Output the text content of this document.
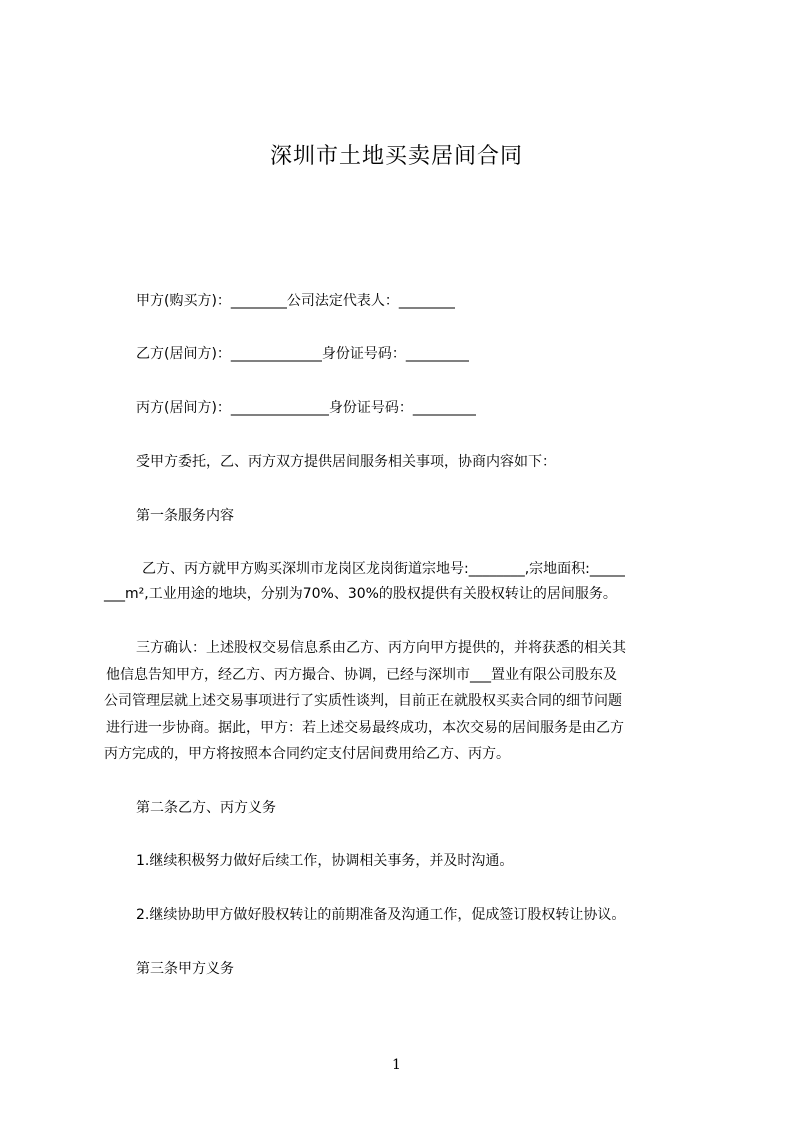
深圳市土地买卖居间合同
甲方(购买方)：________公司法定代表人：________
乙方(居间方)：_____________身份证号码：_________
丙方(居间方)：______________身份证号码：_________
受甲方委托，乙、丙方双方提供居间服务相关事项，协商内容如下：
第一条服务内容
乙方、丙方就甲方购买深圳市龙岗区龙岗街道宗地号:________,宗地面积:_____
___m²,工业用途的地块，分别为70%、30%的股权提供有关股权转让的居间服务。
三方确认：上述股权交易信息系由乙方、丙方向甲方提供的，并将获悉的相关其
他信息告知甲方，经乙方、丙方撮合、协调，已经与深圳市___置业有限公司股东及
公司管理层就上述交易事项进行了实质性谈判，目前正在就股权买卖合同的细节问题
进行进一步协商。据此，甲方：若上述交易最终成功，本次交易的居间服务是由乙方
丙方完成的，甲方将按照本合同约定支付居间费用给乙方、丙方。
第二条乙方、丙方义务
1.继续积极努力做好后续工作，协调相关事务，并及时沟通。
2.继续协助甲方做好股权转让的前期准备及沟通工作，促成签订股权转让协议。
第三条甲方义务
1
